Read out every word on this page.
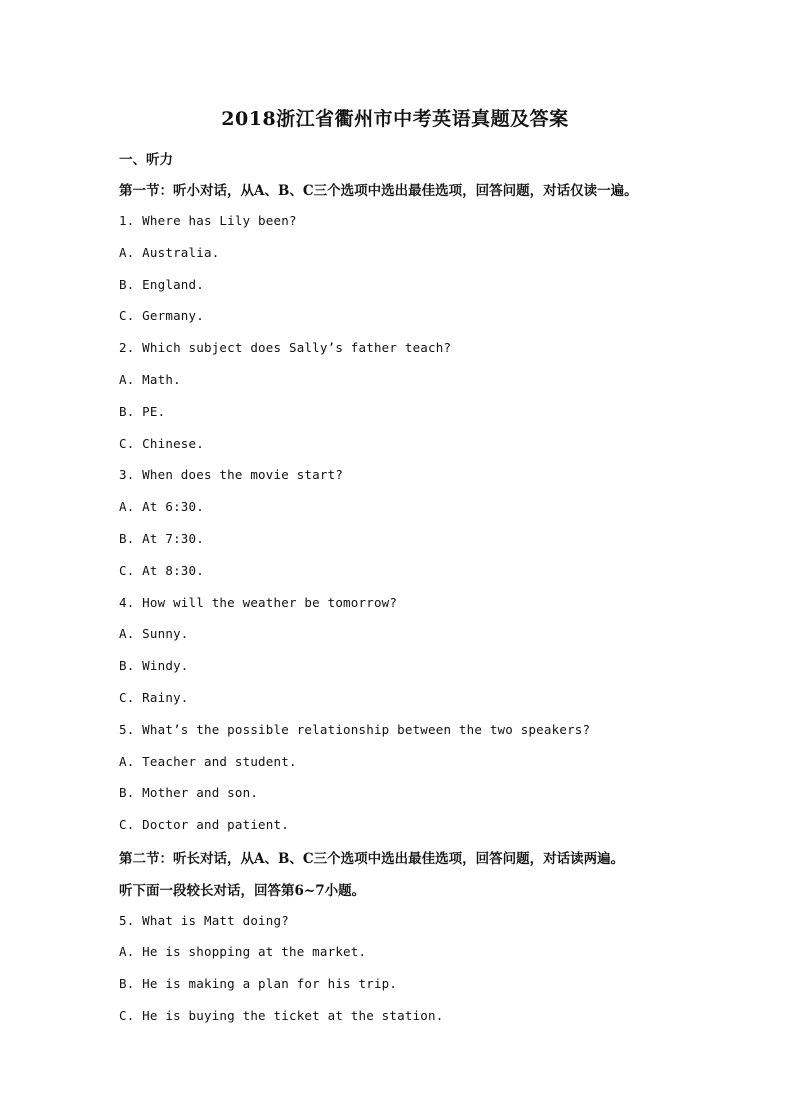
2018浙江省衢州市中考英语真题及答案
一、听力
第一节：听小对话，从A、B、C三个选项中选出最佳选项，回答问题，对话仅读一遍。
1. Where has Lily been?
A. Australia.
B. England.
C. Germany.
2. Which subject does Sally’s father teach?
A. Math.
B. PE.
C. Chinese.
3. When does the movie start?
A. At 6:30.
B. At 7:30.
C. At 8:30.
4. How will the weather be tomorrow?
A. Sunny.
B. Windy.
C. Rainy.
5. What’s the possible relationship between the two speakers?
A. Teacher and student.
B. Mother and son.
C. Doctor and patient.
第二节：听长对话，从A、B、C三个选项中选出最佳选项，回答问题，对话读两遍。
听下面一段较长对话，回答第6~7小题。
5. What is Matt doing?
A. He is shopping at the market.
B. He is making a plan for his trip.
C. He is buying the ticket at the station.
